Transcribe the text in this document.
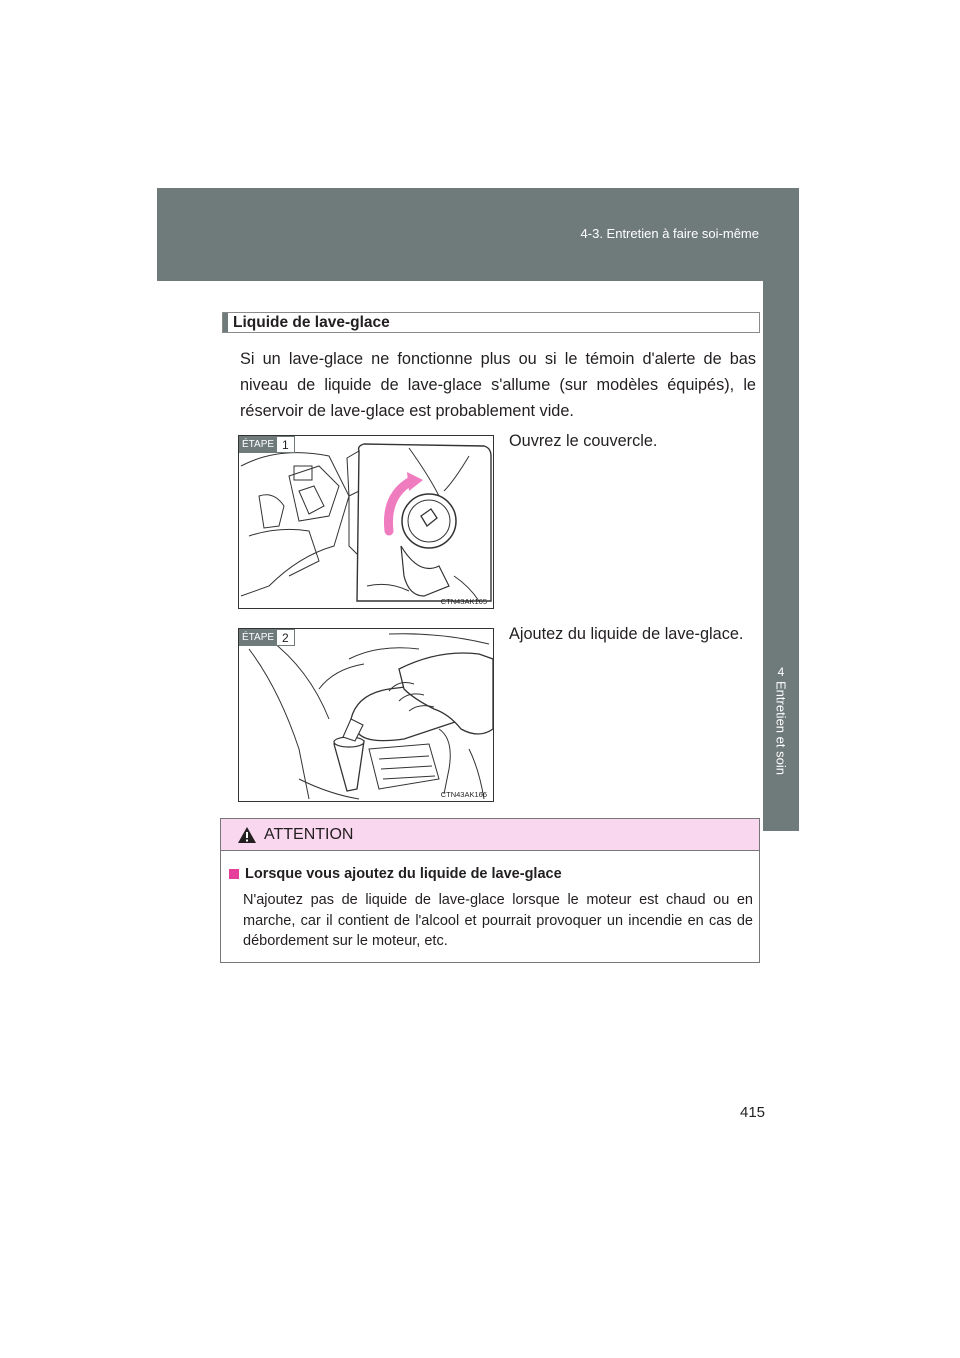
4-3. Entretien à faire soi-même
4
Entretien et soin
Liquide de lave-glace
Si un lave-glace ne fonctionne plus ou si le témoin d'alerte de bas niveau de liquide de lave-glace s'allume (sur modèles équipés), le réservoir de lave-glace est probablement vide.
ÉTAPE 1
CTN43AK165
Ouvrez le couvercle.
ÉTAPE 2
CTN43AK166
Ajoutez du liquide de lave-glace.
ATTENTION
Lorsque vous ajoutez du liquide de lave-glace
N'ajoutez pas de liquide de lave-glace lorsque le moteur est chaud ou en marche, car il contient de l'alcool et pourrait provoquer un incendie en cas de débordement sur le moteur, etc.
415
